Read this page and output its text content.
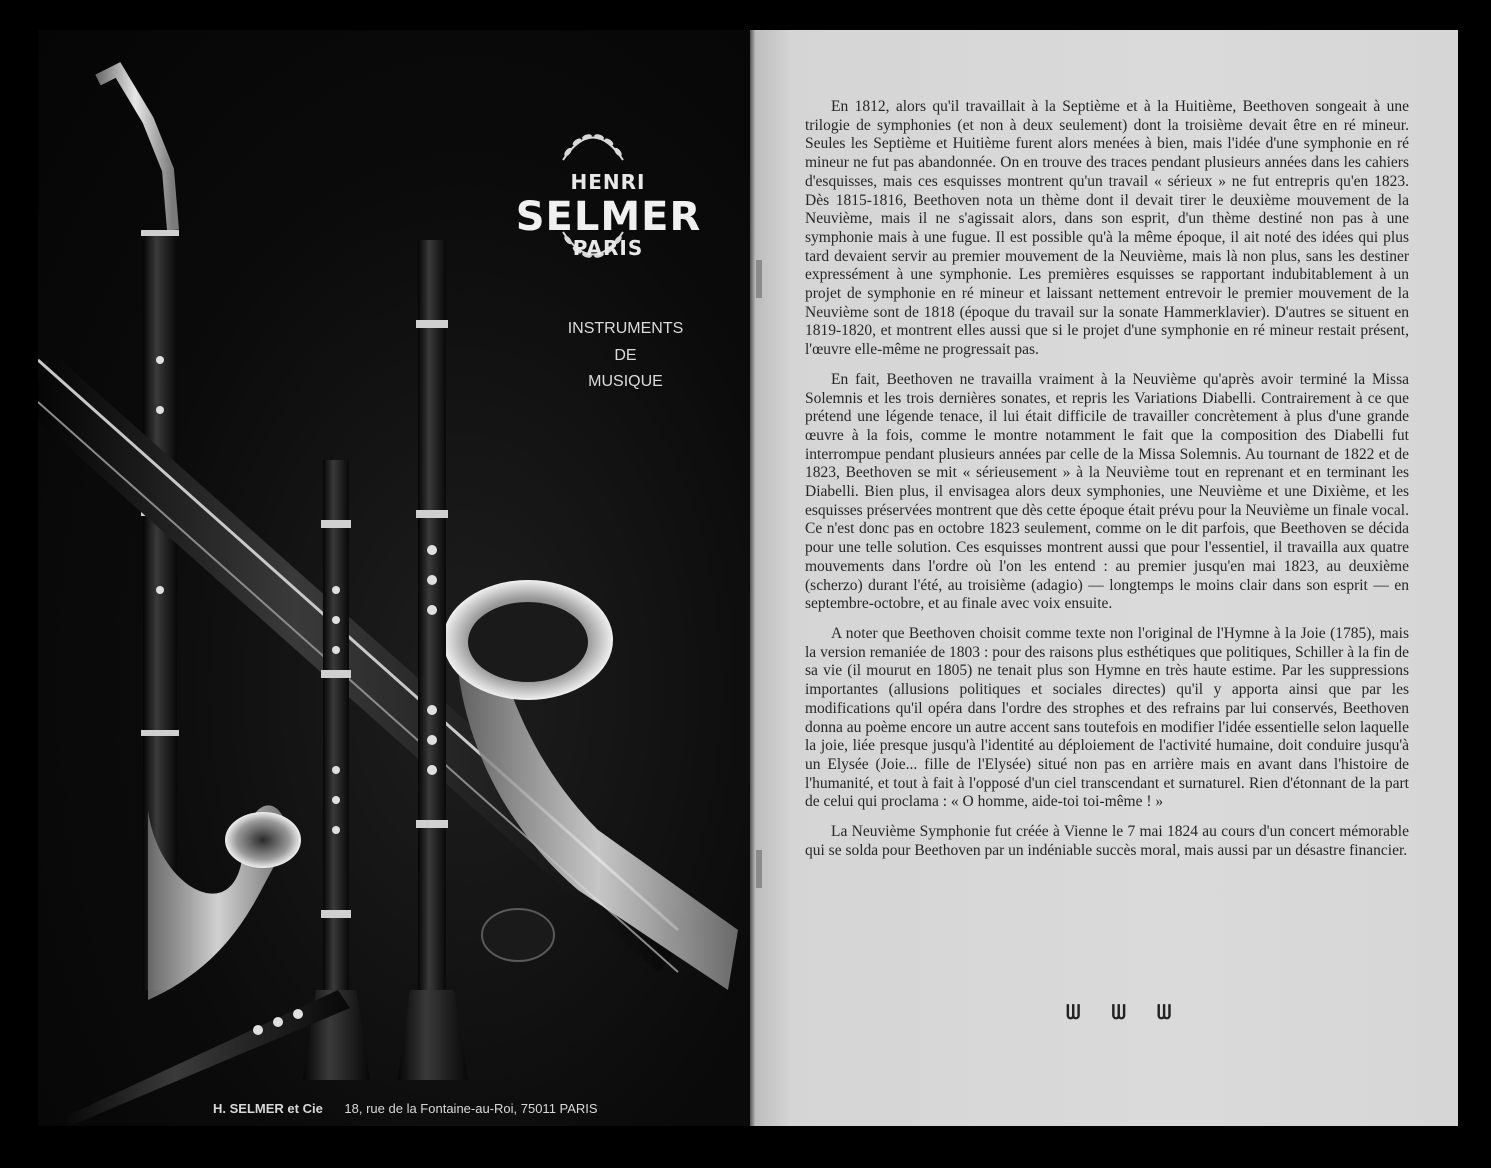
HENRI
SELMER
PARIS
INSTRUMENTS
DE
MUSIQUE
H. SELMER et Cie 18, rue de la Fontaine-au-Roi, 75011 PARIS

En 1812, alors qu'il travaillait à la Septième et à la Huitième, Beethoven songeait à une trilogie de symphonies (et non à deux seulement) dont la troisième devait être en ré mineur. Seules les Septième et Huitième furent alors menées à bien, mais l'idée d'une symphonie en ré mineur ne fut pas abandonnée. On en trouve des traces pendant plusieurs années dans les cahiers d'esquisses, mais ces esquisses montrent qu'un travail « sérieux » ne fut entrepris qu'en 1823. Dès 1815-1816, Beethoven nota un thème dont il devait tirer le deuxième mouvement de la Neuvième, mais il ne s'agissait alors, dans son esprit, d'un thème destiné non pas à une symphonie mais à une fugue. Il est possible qu'à la même époque, il ait noté des idées qui plus tard devaient servir au premier mouvement de la Neuvième, mais là non plus, sans les destiner expressément à une symphonie. Les premières esquisses se rapportant indubitablement à un projet de symphonie en ré mineur et laissant nettement entrevoir le premier mouvement de la Neuvième sont de 1818 (époque du travail sur la sonate Hammerklavier). D'autres se situent en 1819-1820, et montrent elles aussi que si le projet d'une symphonie en ré mineur restait présent, l'œuvre elle-même ne progressait pas.

En fait, Beethoven ne travailla vraiment à la Neuvième qu'après avoir terminé la Missa Solemnis et les trois dernières sonates, et repris les Variations Diabelli. Contrairement à ce que prétend une légende tenace, il lui était difficile de travailler concrètement à plus d'une grande œuvre à la fois, comme le montre notamment le fait que la composition des Diabelli fut interrompue pendant plusieurs années par celle de la Missa Solemnis. Au tournant de 1822 et de 1823, Beethoven se mit « sérieusement » à la Neuvième tout en reprenant et en terminant les Diabelli. Bien plus, il envisagea alors deux symphonies, une Neuvième et une Dixième, et les esquisses préservées montrent que dès cette époque était prévu pour la Neuvième un finale vocal. Ce n'est donc pas en octobre 1823 seulement, comme on le dit parfois, que Beethoven se décida pour une telle solution. Ces esquisses montrent aussi que pour l'essentiel, il travailla aux quatre mouvements dans l'ordre où l'on les entend : au premier jusqu'en mai 1823, au deuxième (scherzo) durant l'été, au troisième (adagio) — longtemps le moins clair dans son esprit — en septembre-octobre, et au finale avec voix ensuite.

A noter que Beethoven choisit comme texte non l'original de l'Hymne à la Joie (1785), mais la version remaniée de 1803 : pour des raisons plus esthétiques que politiques, Schiller à la fin de sa vie (il mourut en 1805) ne tenait plus son Hymne en très haute estime. Par les suppressions importantes (allusions politiques et sociales directes) qu'il y apporta ainsi que par les modifications qu'il opéra dans l'ordre des strophes et des refrains par lui conservés, Beethoven donna au poème encore un autre accent sans toutefois en modifier l'idée essentielle selon laquelle la joie, liée presque jusqu'à l'identité au déploiement de l'activité humaine, doit conduire jusqu'à un Elysée (Joie... fille de l'Elysée) situé non pas en arrière mais en avant dans l'histoire de l'humanité, et tout à fait à l'opposé d'un ciel transcendant et surnaturel. Rien d'étonnant de la part de celui qui proclama : « O homme, aide-toi toi-même ! »

La Neuvième Symphonie fut créée à Vienne le 7 mai 1824 au cours d'un concert mémorable qui se solda pour Beethoven par un indéniable succès moral, mais aussi par un désastre financier.

ᗯ ᗯ ᗯ
